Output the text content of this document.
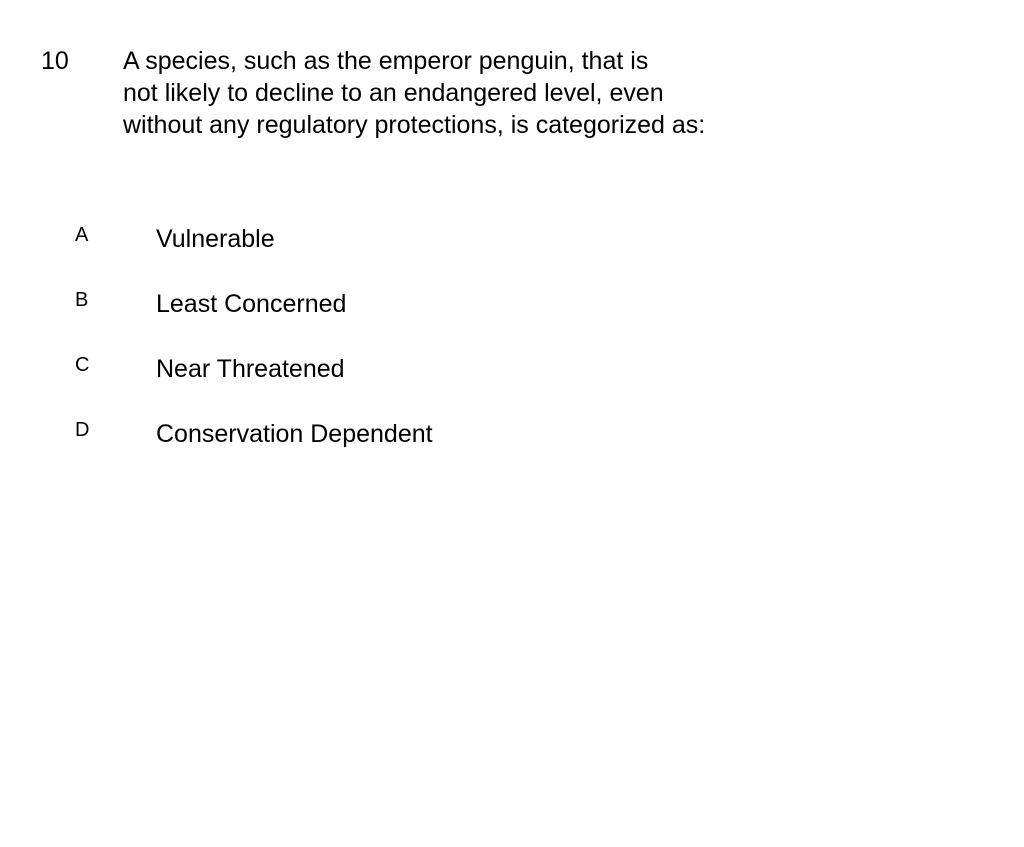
10 A species, such as the emperor penguin, that is
not likely to decline to an endangered level, even
without any regulatory protections, is categorized as:
A	Vulnerable
B	Least Concerned
C	Near Threatened
D	Conservation Dependent
